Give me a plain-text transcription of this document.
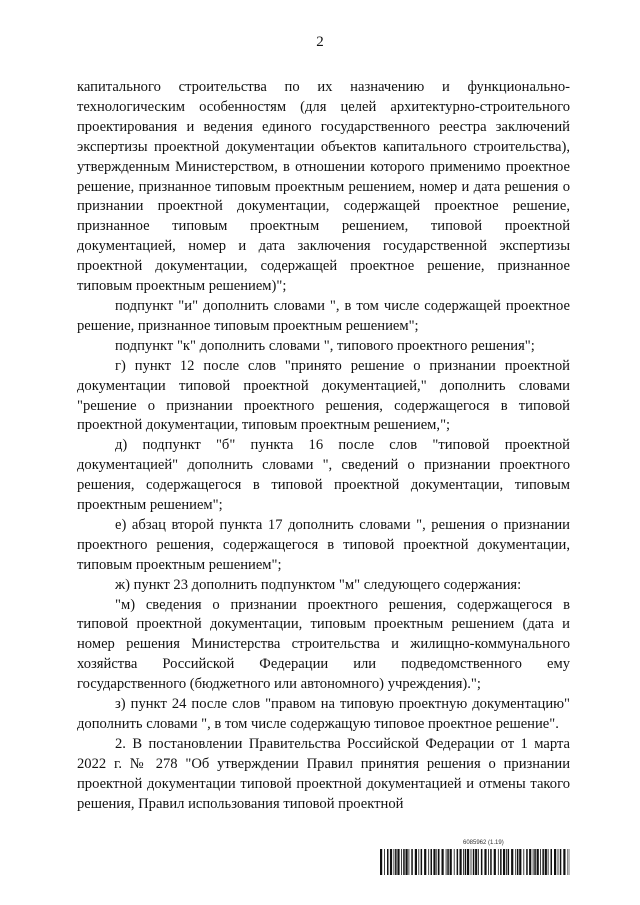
2

капитального строительства по их назначению и функционально-технологическим особенностям (для целей архитектурно-строительного проектирования и ведения единого государственного реестра заключений экспертизы проектной документации объектов капитального строительства), утвержденным Министерством, в отношении которого применимо проектное решение, признанное типовым проектным решением, номер и дата решения о признании проектной документации, содержащей проектное решение, признанное типовым проектным решением, типовой проектной документацией, номер и дата заключения государственной экспертизы проектной документации, содержащей проектное решение, признанное типовым проектным решением)";

подпункт "и" дополнить словами ", в том числе содержащей проектное решение, признанное типовым проектным решением";

подпункт "к" дополнить словами ", типового проектного решения";

г) пункт 12 после слов "принято решение о признании проектной документации типовой проектной документацией," дополнить словами "решение о признании проектного решения, содержащегося в типовой проектной документации, типовым проектным решением,";

д) подпункт "б" пункта 16 после слов "типовой проектной документацией" дополнить словами ", сведений о признании проектного решения, содержащегося в типовой проектной документации, типовым проектным решением";

е) абзац второй пункта 17 дополнить словами ", решения о признании проектного решения, содержащегося в типовой проектной документации, типовым проектным решением";

ж) пункт 23 дополнить подпунктом "м" следующего содержания:

"м) сведения о признании проектного решения, содержащегося в типовой проектной документации, типовым проектным решением (дата и номер решения Министерства строительства и жилищно-коммунального хозяйства Российской Федерации или подведомственного ему государственного (бюджетного или автономного) учреждения).";

з) пункт 24 после слов "правом на типовую проектную документацию" дополнить словами ", в том числе содержащую типовое проектное решение".

2. В постановлении Правительства Российской Федерации от 1 марта 2022 г. № 278 "Об утверждении Правил принятия решения о признании проектной документации типовой проектной документацией и отмены такого решения, Правил использования типовой проектной

6085962 (1.19)
